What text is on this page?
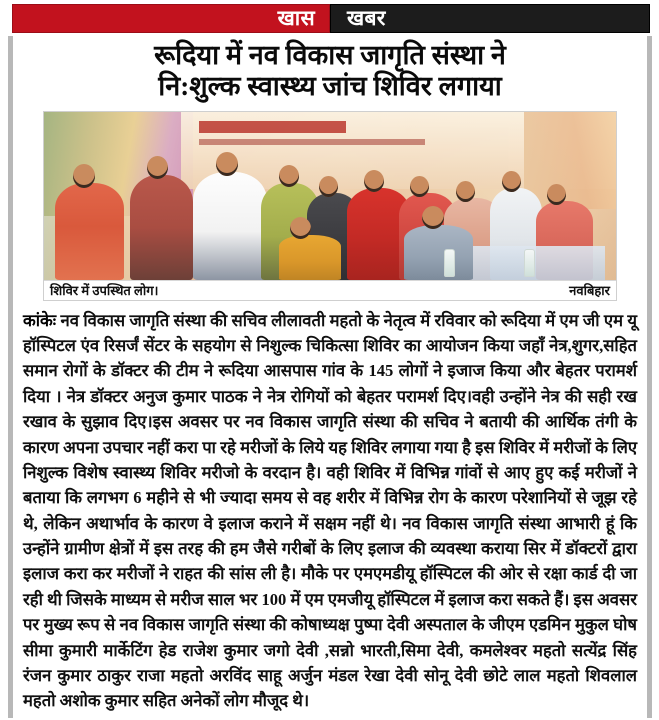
खास खबर
रूदिया में नव विकास जागृति संस्था ने
नि:शुल्क स्वास्थ्य जांच शिविर लगाया
शिविर में उपस्थित लोग।	नवबिहार
कांकेः नव विकास जागृति संस्था की सचिव लीलावती महतो के नेतृत्व में रविवार को रूदिया में एम जी एम यू हॉस्पिटल एंव रिसर्जं सेंटर के सहयोग से निशुल्क चिकित्सा शिविर का आयोजन किया जहाँ नेत्र,शुगर,सहित समान रोगों के डॉक्टर की टीम ने रूदिया आसपास गांव के 145 लोगों ने इजाज किया और बेहतर परामर्श दिया । नेत्र डॉक्टर अनुज कुमार पाठक ने नेत्र रोगियों को बेहतर परामर्श दिए।वही उन्होंने नेत्र की सही रख रखाव के सुझाव दिए।इस अवसर पर नव विकास जागृति संस्था की सचिव ने बतायी की आर्थिक तंगी के कारण अपना उपचार नहीं करा पा रहे मरीजों के लिये यह शिविर लगाया गया है इस शिविर में मरीजों के लिए निशुल्क विशेष स्वास्थ्य शिविर मरीजो के वरदान है। वही शिविर में विभिन्न गांवों से आए हुए कई मरीजों ने बताया कि लगभग 6 महीने से भी ज्यादा समय से वह शरीर में विभिन्न रोग के कारण परेशानियों से जूझ रहे थे, लेकिन अथार्भाव के कारण वे इलाज कराने में सक्षम नहीं थे। नव विकास जागृति संस्था आभारी हूं कि उन्होंने ग्रामीण क्षेत्रों में इस तरह की हम जैसे गरीबों के लिए इलाज की व्यवस्था कराया सिर में डॉक्टरों द्वारा इलाज करा कर मरीजों ने राहत की सांस ली है। मौके पर एमएमडीयू हॉस्पिटल की ओर से रक्षा कार्ड दी जा रही थी जिसके माध्यम से मरीज साल भर 100 में एम एमजीयू हॉस्पिटल में इलाज करा सकते हैं। इस अवसर पर मुख्य रूप से नव विकास जागृति संस्था की कोषाध्यक्ष पुष्पा देवी अस्पताल के जीएम एडमिन मुकुल घोष सीमा कुमारी मार्केटिंग हेड राजेश कुमार जगो देवी ,सन्नो भारती,सिमा देवी, कमलेश्वर महतो सत्येंद्र सिंह रंजन कुमार ठाकुर राजा महतो अरविंद साहू अर्जुन मंडल रेखा देवी सोनू देवी छोटे लाल महतो शिवलाल महतो अशोक कुमार सहित अनेकों लोग मौजूद थे।
